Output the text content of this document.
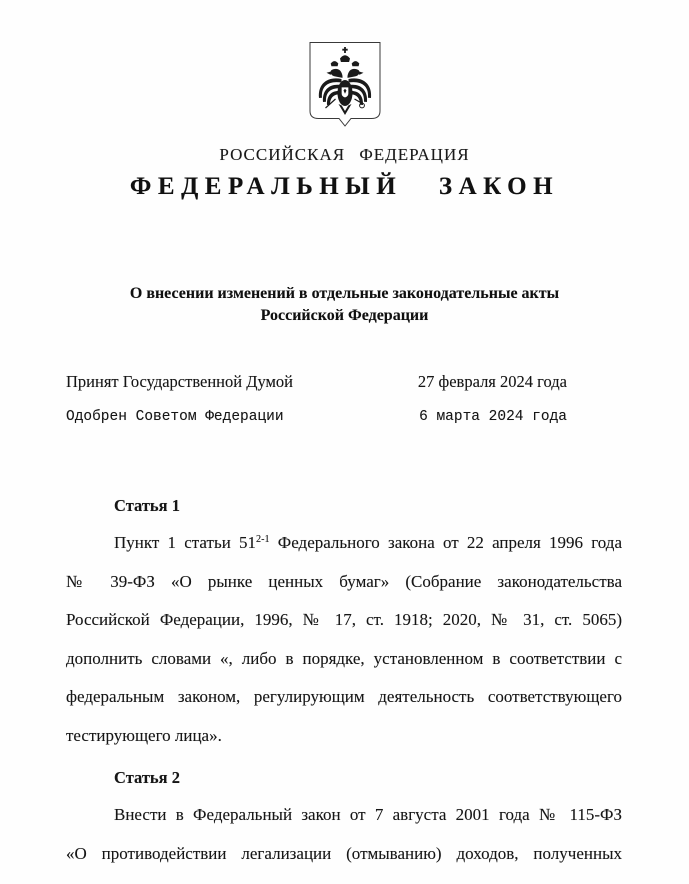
РОССИЙСКАЯ ФЕДЕРАЦИЯ
ФЕДЕРАЛЬНЫЙ ЗАКОН
О внесении изменений в отдельные законодательные акты
Российской Федерации
Принят Государственной Думой	27 февраля 2024 года
Одобрен Советом Федерации	6 марта 2024 года
Статья 1
Пункт 1 статьи 51$^{2-1}$ Федерального закона от 22 апреля 1996 года
№ 39-ФЗ «О рынке ценных бумаг» (Собрание законодательства
Российской Федерации, 1996, № 17, ст. 1918; 2020, № 31, ст. 5065)
дополнить словами «, либо в порядке, установленном в соответствии с
федеральным законом, регулирующим деятельность соответствующего
тестирующего лица».
Статья 2
Внести в Федеральный закон от 7 августа 2001 года № 115-ФЗ
«О противодействии легализации (отмыванию) доходов, полученных
